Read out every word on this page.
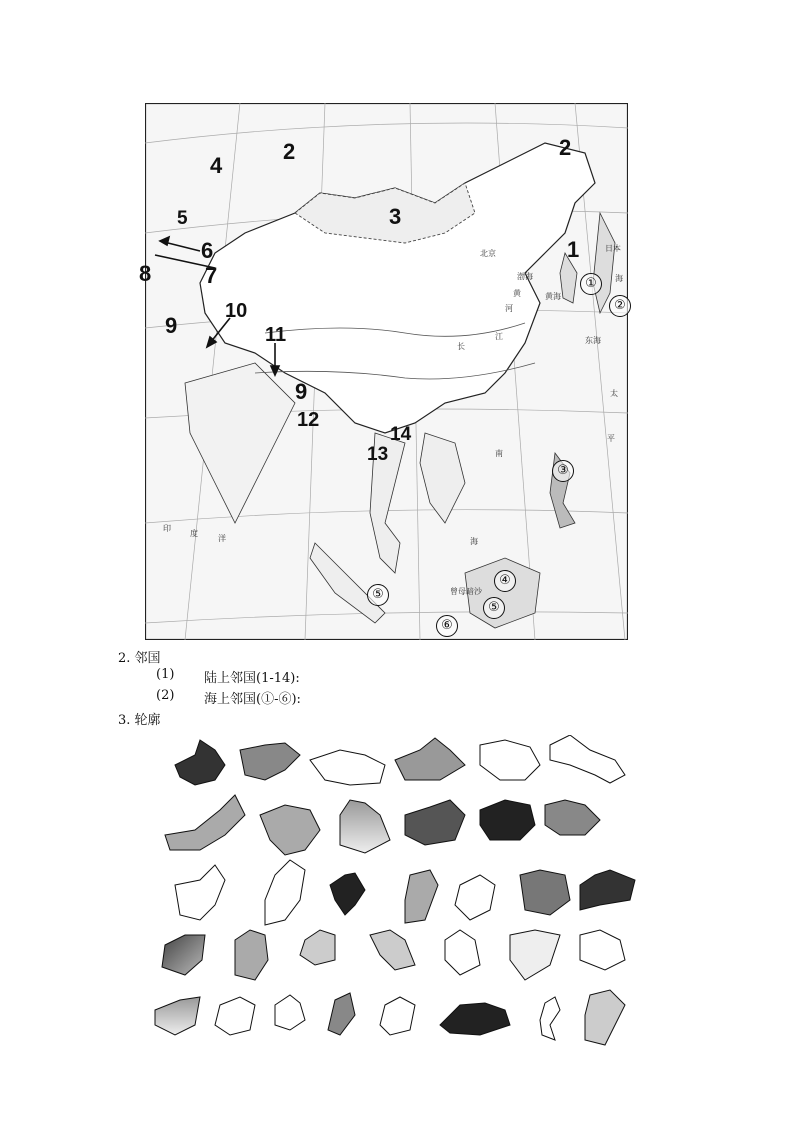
1
2	2
3
4
5
6
7
8
9
9
10
11
12
13
14
①
②
③
④
⑤
⑤
⑥
北京
渤海
黄海
黄
河
长
江	东海
日本
海
太
平
南
海
印
度
洋
曾母暗沙
2. 邻国
(1) 陆上邻国(1-14):
(2) 海上邻国(①-⑥):
3. 轮廓
